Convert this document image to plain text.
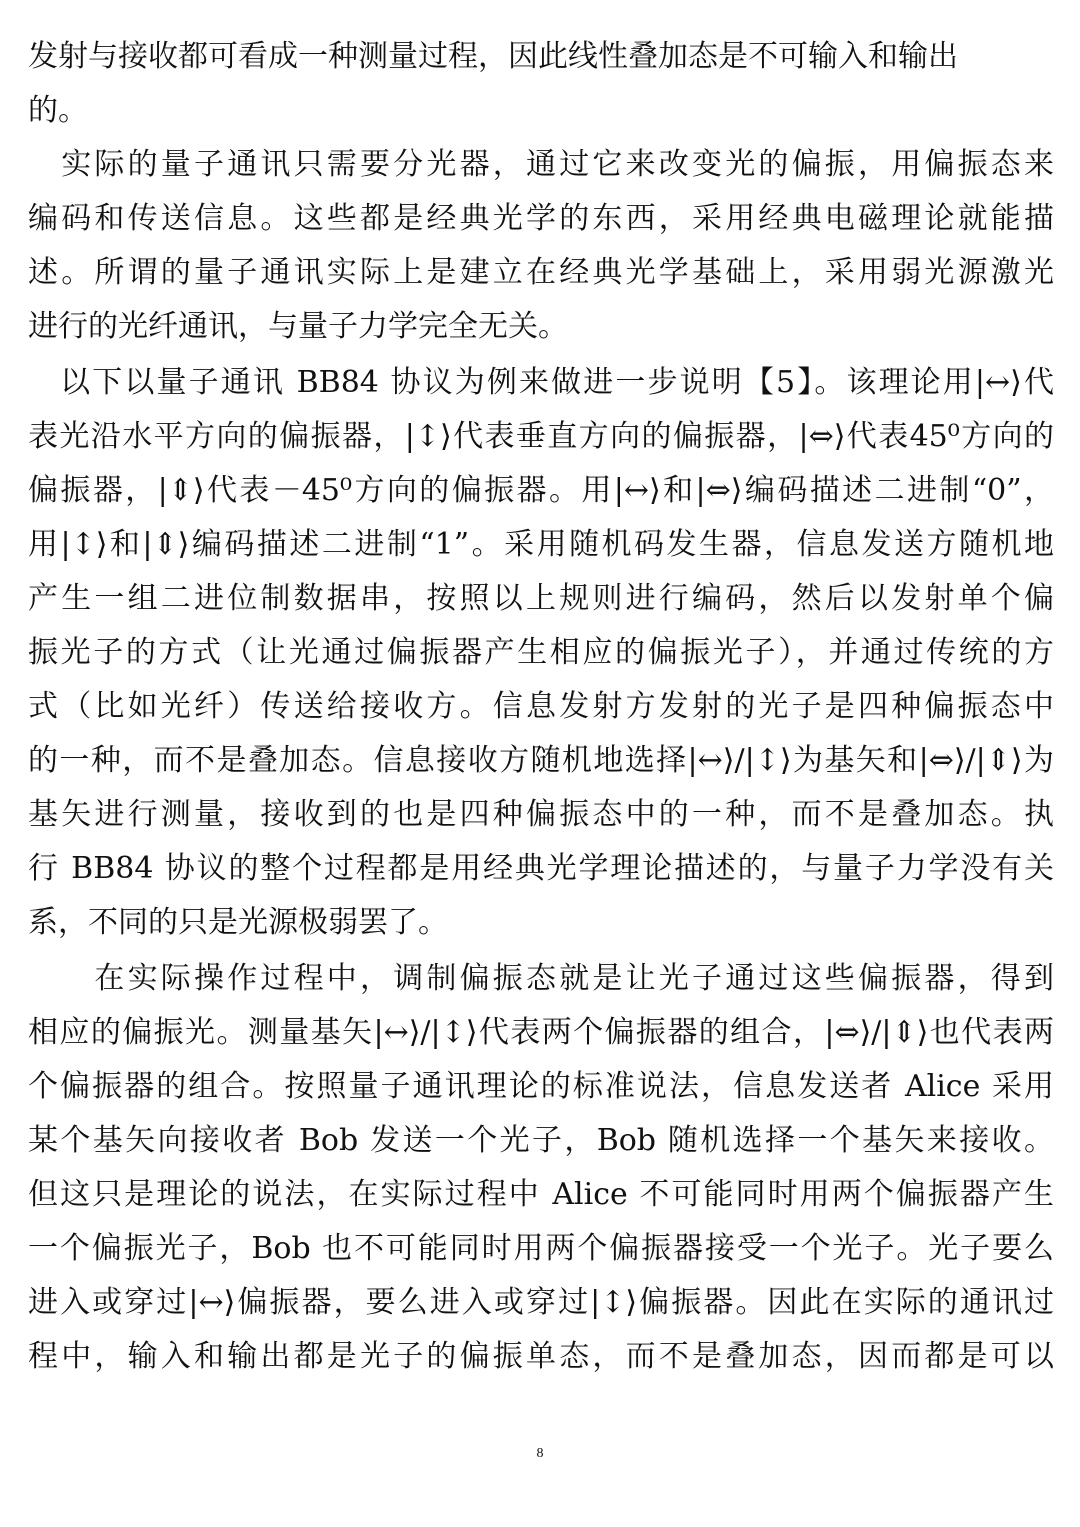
发射与接收都可看成一种测量过程，因此线性叠加态是不可输入和输出
的。
　实际的量子通讯只需要分光器，通过它来改变光的偏振，用偏振态来
编码和传送信息。这些都是经典光学的东西，采用经典电磁理论就能描
述。所谓的量子通讯实际上是建立在经典光学基础上，采用弱光源激光
进行的光纤通讯，与量子力学完全无关。
　以下以量子通讯 BB84 协议为例来做进一步说明【5】。该理论用|↔⟩代
表光沿水平方向的偏振器，|↕⟩代表垂直方向的偏振器，|⇔⟩代表45⁰方向的
偏振器，|⇕⟩代表－45⁰方向的偏振器。用|↔⟩和|⇔⟩编码描述二进制“0”，
用|↕⟩和|⇕⟩编码描述二进制“1”。采用随机码发生器，信息发送方随机地
产生一组二进位制数据串，按照以上规则进行编码，然后以发射单个偏
振光子的方式（让光通过偏振器产生相应的偏振光子），并通过传统的方
式（比如光纤）传送给接收方。信息发射方发射的光子是四种偏振态中
的一种，而不是叠加态。信息接收方随机地选择|↔⟩/|↕⟩为基矢和|⇔⟩/|⇕⟩为
基矢进行测量，接收到的也是四种偏振态中的一种，而不是叠加态。执
行 BB84 协议的整个过程都是用经典光学理论描述的，与量子力学没有关
系，不同的只是光源极弱罢了。
　　在实际操作过程中，调制偏振态就是让光子通过这些偏振器，得到
相应的偏振光。测量基矢|↔⟩/|↕⟩代表两个偏振器的组合，|⇔⟩/|⇕⟩也代表两
个偏振器的组合。按照量子通讯理论的标准说法，信息发送者 Alice 采用
某个基矢向接收者 Bob 发送一个光子，Bob 随机选择一个基矢来接收。
但这只是理论的说法，在实际过程中 Alice 不可能同时用两个偏振器产生
一个偏振光子，Bob 也不可能同时用两个偏振器接受一个光子。光子要么
进入或穿过|↔⟩偏振器，要么进入或穿过|↕⟩偏振器。因此在实际的通讯过
程中，输入和输出都是光子的偏振单态，而不是叠加态，因而都是可以
8
